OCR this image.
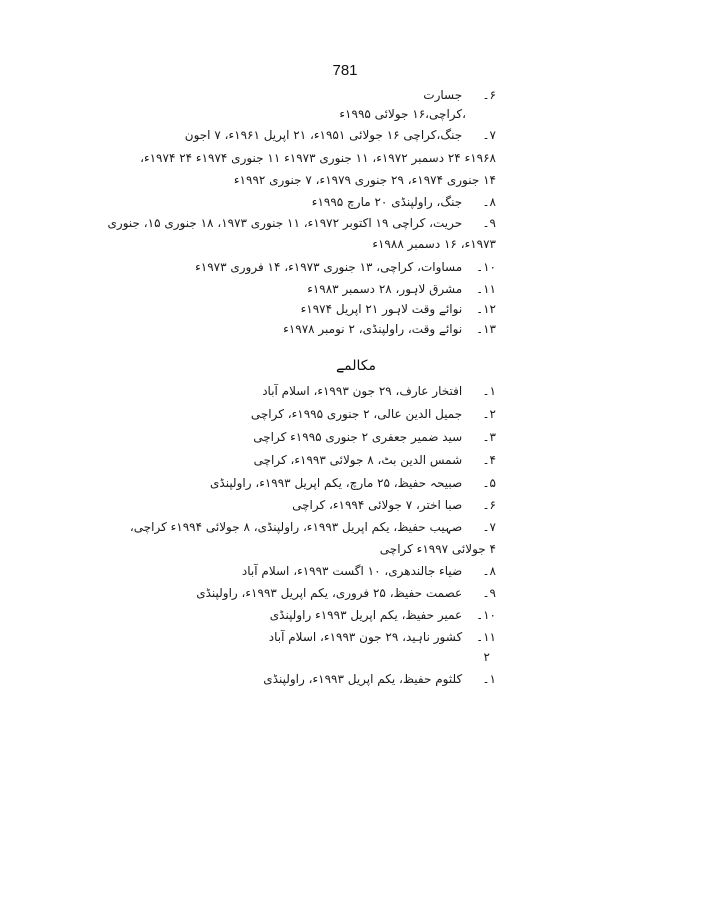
781
۶۔ جسارت
،کراچی،۱۶ جولائی ۱۹۹۵ء
۷۔ جنگ،کراچی ۱۶ جولائی ۱۹۵۱ء، ۲۱ اپریل ۱۹۶۱ء، ۷ اجون
۱۹۶۸ء ۲۴ دسمبر ۱۹۷۲ء، ۱۱ جنوری ۱۹۷۳ء ۱۱ جنوری ۱۹۷۴ء ۲۴ ۱۹۷۴ء،
۱۴ جنوری ۱۹۷۴ء، ۲۹ جنوری ۱۹۷۹ء، ۷ جنوری ۱۹۹۲ء
۸۔ جنگ، راولپنڈی ۲۰ مارچ ۱۹۹۵ء
۹۔ حریت، کراچی ۱۹ اکتوبر ۱۹۷۲ء، ۱۱ جنوری ۱۹۷۳، ۱۸ جنوری ۱۵، جنوری
۱۹۷۳ء، ۱۶ دسمبر ۱۹۸۸ء
۱۰۔ مساوات، کراچی، ۱۳ جنوری ۱۹۷۳ء، ۱۴ فروری ۱۹۷۳ء
۱۱۔ مشرق لاہور، ۲۸ دسمبر ۱۹۸۳ء
۱۲۔ نوائے وقت لاہور ۲۱ اپریل ۱۹۷۴ء
۱۳۔ نوائے وقت، راولپنڈی، ۲ نومبر ۱۹۷۸ء
مکالمے
۱۔ افتخار عارف، ۲۹ جون ۱۹۹۳ء، اسلام آباد
۲۔ جمیل الدین عالی، ۲ جنوری ۱۹۹۵ء، کراچی
۳۔ سید ضمیر جعفری ۲ جنوری ۱۹۹۵ء کراچی
۴۔ شمس الدین بٹ، ۸ جولائی ۱۹۹۳ء، کراچی
۵۔ صبیحہ حفیظ، ۲۵ مارچ، یکم اپریل ۱۹۹۳ء، راولپنڈی
۶۔ صبا اختر، ۷ جولائی ۱۹۹۴ء، کراچی
۷۔ صہیب حفیظ، یکم اپریل ۱۹۹۳ء، راولپنڈی، ۸ جولائی ۱۹۹۴ء کراچی،
۴ جولائی ۱۹۹۷ء کراچی
۸۔ ضیاء جالندھری، ۱۰ اگست ۱۹۹۳ء، اسلام آباد
۹۔ عصمت حفیظ، ۲۵ فروری، یکم اپریل ۱۹۹۳ء، راولپنڈی
۱۰۔ عمیر حفیظ، یکم اپریل ۱۹۹۳ء راولپنڈی
۱۱۔ کشور ناہید، ۲۹ جون ۱۹۹۳ء، اسلام آباد
۲
۱۔ کلثوم حفیظ، یکم اپریل ۱۹۹۳ء، راولپنڈی
